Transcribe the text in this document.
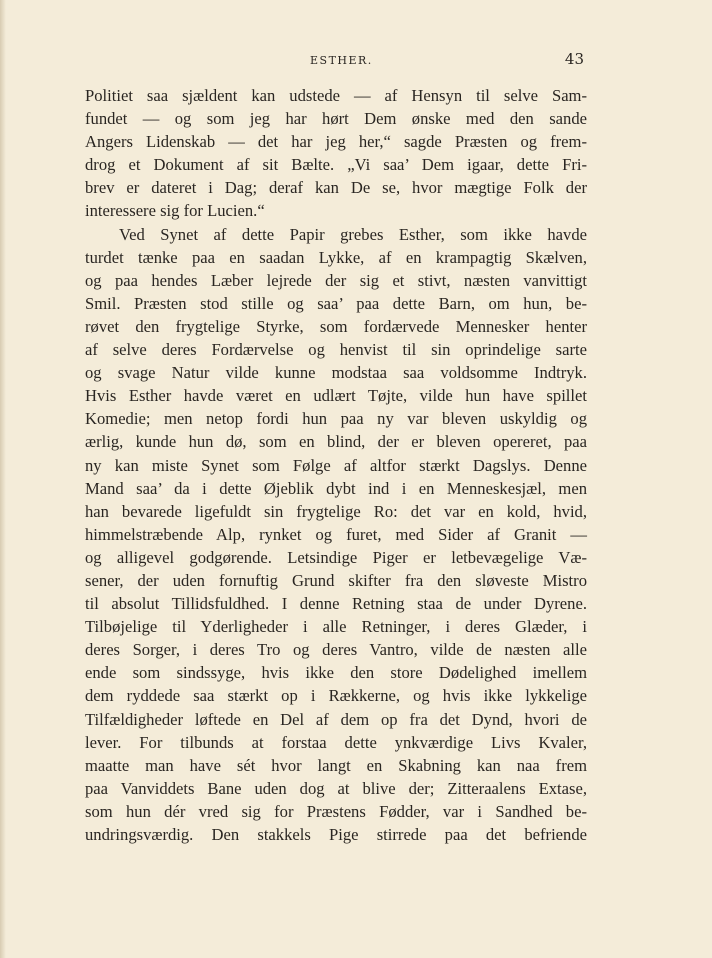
ESTHER.	43
Politiet saa sjældent kan udstede — af Hensyn til selve Sam-
fundet — og som jeg har hørt Dem ønske med den sande
Angers Lidenskab — det har jeg her,“ sagde Præsten og frem-
drog et Dokument af sit Bælte. „Vi saa’ Dem igaar, dette Fri-
brev er dateret i Dag; deraf kan De se, hvor mægtige Folk der
interessere sig for Lucien.“
Ved Synet af dette Papir grebes Esther, som ikke havde
turdet tænke paa en saadan Lykke, af en krampagtig Skælven,
og paa hendes Læber lejrede der sig et stivt, næsten vanvittigt
Smil. Præsten stod stille og saa’ paa dette Barn, om hun, be-
røvet den frygtelige Styrke, som fordærvede Mennesker henter
af selve deres Fordærvelse og henvist til sin oprindelige sarte
og svage Natur vilde kunne modstaa saa voldsomme Indtryk.
Hvis Esther havde været en udlært Tøjte, vilde hun have spillet
Komedie; men netop fordi hun paa ny var bleven uskyldig og
ærlig, kunde hun dø, som en blind, der er bleven opereret, paa
ny kan miste Synet som Følge af altfor stærkt Dagslys. Denne
Mand saa’ da i dette Øjeblik dybt ind i en Menneskesjæl, men
han bevarede ligefuldt sin frygtelige Ro: det var en kold, hvid,
himmelstræbende Alp, rynket og furet, med Sider af Granit —
og alligevel godgørende. Letsindige Piger er letbevægelige Væ-
sener, der uden fornuftig Grund skifter fra den sløveste Mistro
til absolut Tillidsfuldhed. I denne Retning staa de under Dyrene.
Tilbøjelige til Yderligheder i alle Retninger, i deres Glæder, i
deres Sorger, i deres Tro og deres Vantro, vilde de næsten alle
ende som sindssyge, hvis ikke den store Dødelighed imellem
dem ryddede saa stærkt op i Rækkerne, og hvis ikke lykkelige
Tilfældigheder løftede en Del af dem op fra det Dynd, hvori de
lever. For tilbunds at forstaa dette ynkværdige Livs Kvaler,
maatte man have sét hvor langt en Skabning kan naa frem
paa Vanviddets Bane uden dog at blive der; Zitteraalens Extase,
som hun dér vred sig for Præstens Fødder, var i Sandhed be-
undringsværdig. Den stakkels Pige stirrede paa det befriende
